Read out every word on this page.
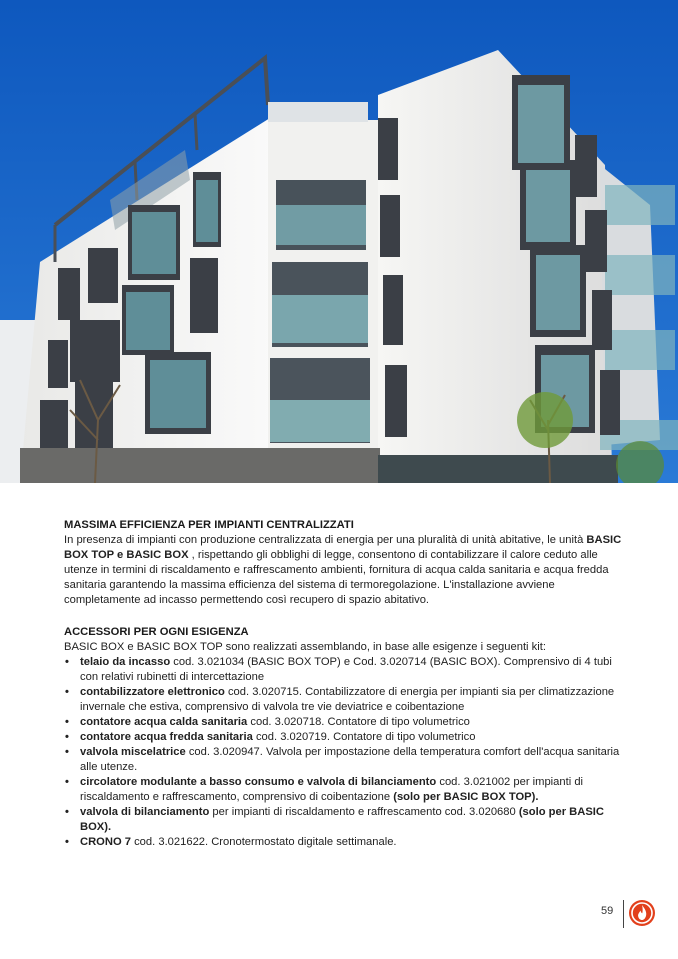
MASSIMA EFFICIENZA PER IMPIANTI CENTRALIZZATI

In presenza di impianti con produzione centralizzata di energia per una pluralità di unità abitative, le unità BASIC BOX TOP e BASIC BOX , rispettando gli obblighi di legge, consentono di contabilizzare il calore ceduto alle utenze in termini di riscaldamento e raffrescamento ambienti, fornitura di acqua calda sanitaria e acqua fredda sanitaria garantendo la massima efficienza del sistema di termoregolazione. L'installazione avviene completamente ad incasso permettendo così recupero di spazio abitativo.

ACCESSORI PER OGNI ESIGENZA

BASIC BOX e BASIC BOX TOP sono realizzati assemblando, in base alle esigenze i seguenti kit:

• telaio da incasso cod. 3.021034 (BASIC BOX TOP) e Cod. 3.020714 (BASIC BOX). Comprensivo di 4 tubi con relativi rubinetti di intercettazione
• contabilizzatore elettronico cod. 3.020715. Contabilizzatore di energia per impianti sia per climatizzazione invernale che estiva, comprensivo di valvola tre vie deviatrice e coibentazione
• contatore acqua calda sanitaria cod. 3.020718. Contatore di tipo volumetrico
• contatore acqua fredda sanitaria cod. 3.020719. Contatore di tipo volumetrico
• valvola miscelatrice cod. 3.020947. Valvola per impostazione della temperatura comfort dell'acqua sanitaria alle utenze.
• circolatore modulante a basso consumo e valvola di bilanciamento cod. 3.021002 per impianti di riscaldamento e raffrescamento, comprensivo di coibentazione (solo per BASIC BOX TOP).
• valvola di bilanciamento per impianti di riscaldamento e raffrescamento cod. 3.020680 (solo per BASIC BOX).
• CRONO 7 cod. 3.021622. Cronotermostato digitale settimanale.
59
